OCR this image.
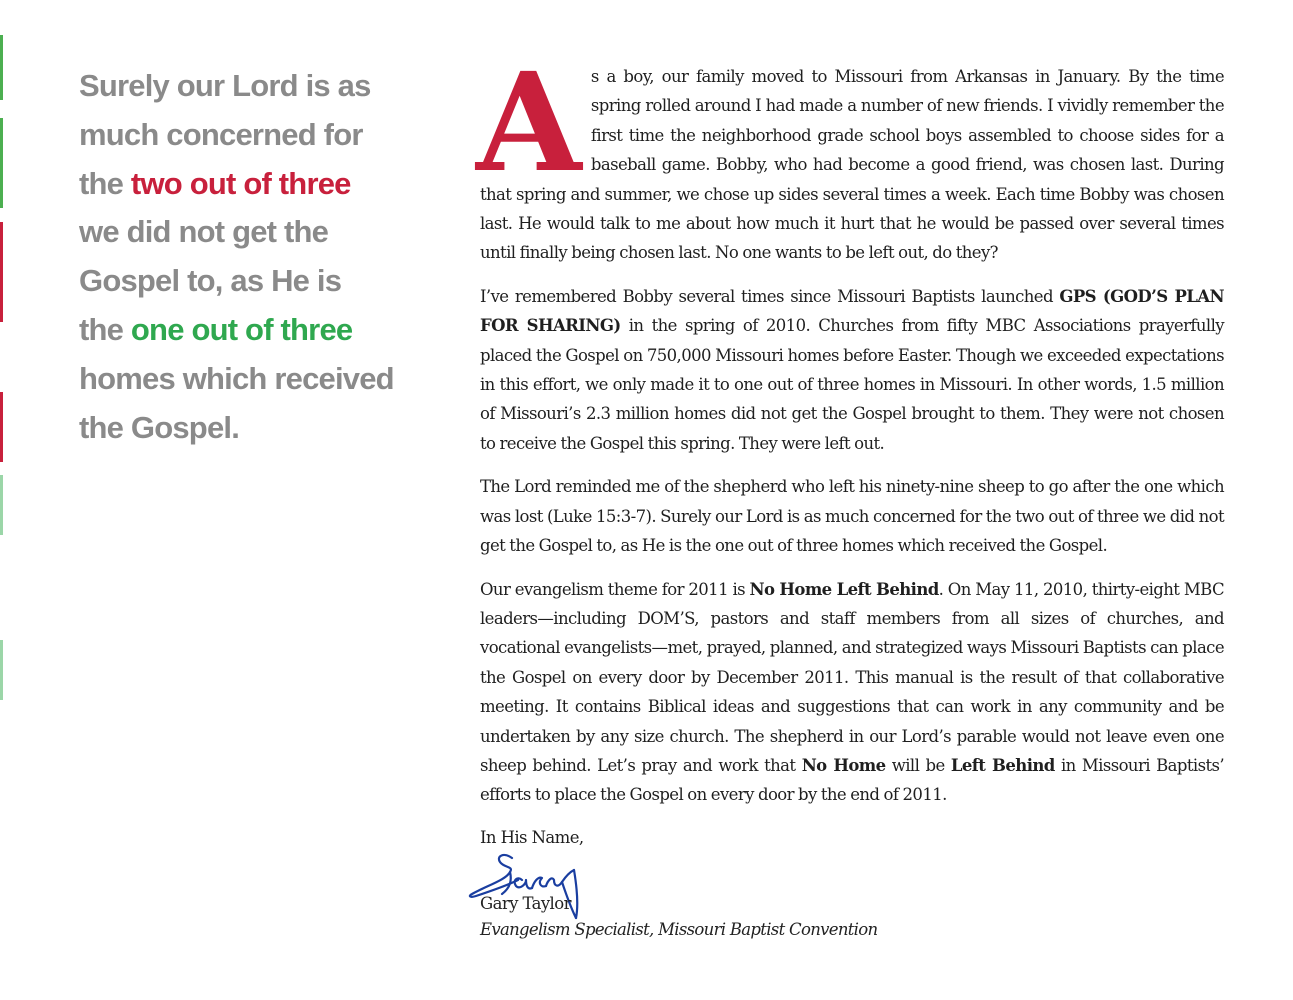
Surely our Lord is as
much concerned for
the two out of three
we did not get the
Gospel to, as He is
the one out of three
homes which received
the Gospel.

As a boy, our family moved to Missouri from Arkansas in January. By the time spring rolled around I had made a number of new friends. I vividly remember the first time the neighborhood grade school boys assembled to choose sides for a baseball game. Bobby, who had become a good friend, was chosen last. During that spring and summer, we chose up sides several times a week. Each time Bobby was chosen last. He would talk to me about how much it hurt that he would be passed over several times until finally being chosen last. No one wants to be left out, do they?

I’ve remembered Bobby several times since Missouri Baptists launched GPS (GOD’S PLAN FOR SHARING) in the spring of 2010. Churches from fifty MBC Associations prayerfully placed the Gospel on 750,000 Missouri homes before Easter. Though we exceeded expectations in this effort, we only made it to one out of three homes in Missouri. In other words, 1.5 million of Missouri’s 2.3 million homes did not get the Gospel brought to them. They were not chosen to receive the Gospel this spring. They were left out.

The Lord reminded me of the shepherd who left his ninety-nine sheep to go after the one which was lost (Luke 15:3-7). Surely our Lord is as much concerned for the two out of three we did not get the Gospel to, as He is the one out of three homes which received the Gospel.

Our evangelism theme for 2011 is No Home Left Behind. On May 11, 2010, thirty-eight MBC leaders—including DOM’S, pastors and staff members from all sizes of churches, and vocational evangelists—met, prayed, planned, and strategized ways Missouri Baptists can place the Gospel on every door by December 2011. This manual is the result of that collaborative meeting. It contains Biblical ideas and suggestions that can work in any community and be undertaken by any size church. The shepherd in our Lord’s parable would not leave even one sheep behind. Let’s pray and work that No Home will be Left Behind in Missouri Baptists’ efforts to place the Gospel on every door by the end of 2011.

In His Name,
Gary Taylor
Evangelism Specialist, Missouri Baptist Convention
